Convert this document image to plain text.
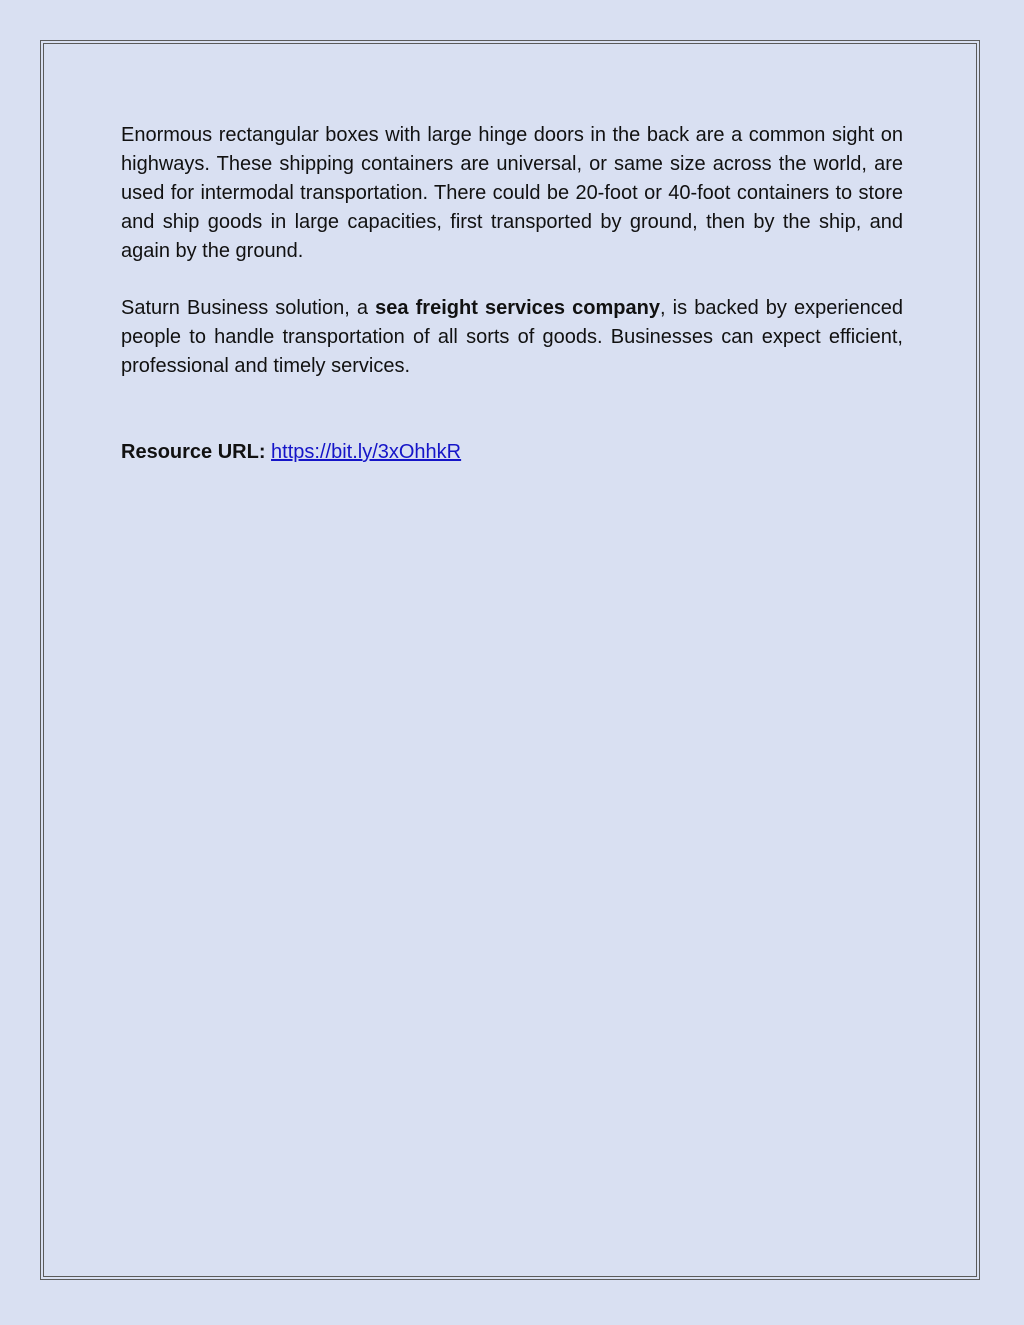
Enormous rectangular boxes with large hinge doors in the back are a common sight on highways. These shipping containers are universal, or same size across the world, are used for intermodal transportation. There could be 20-foot or 40-foot containers to store and ship goods in large capacities, first transported by ground, then by the ship, and again by the ground.

Saturn Business solution, a sea freight services company, is backed by experienced people to handle transportation of all sorts of goods. Businesses can expect efficient, professional and timely services.

Resource URL: https://bit.ly/3xOhhkR
